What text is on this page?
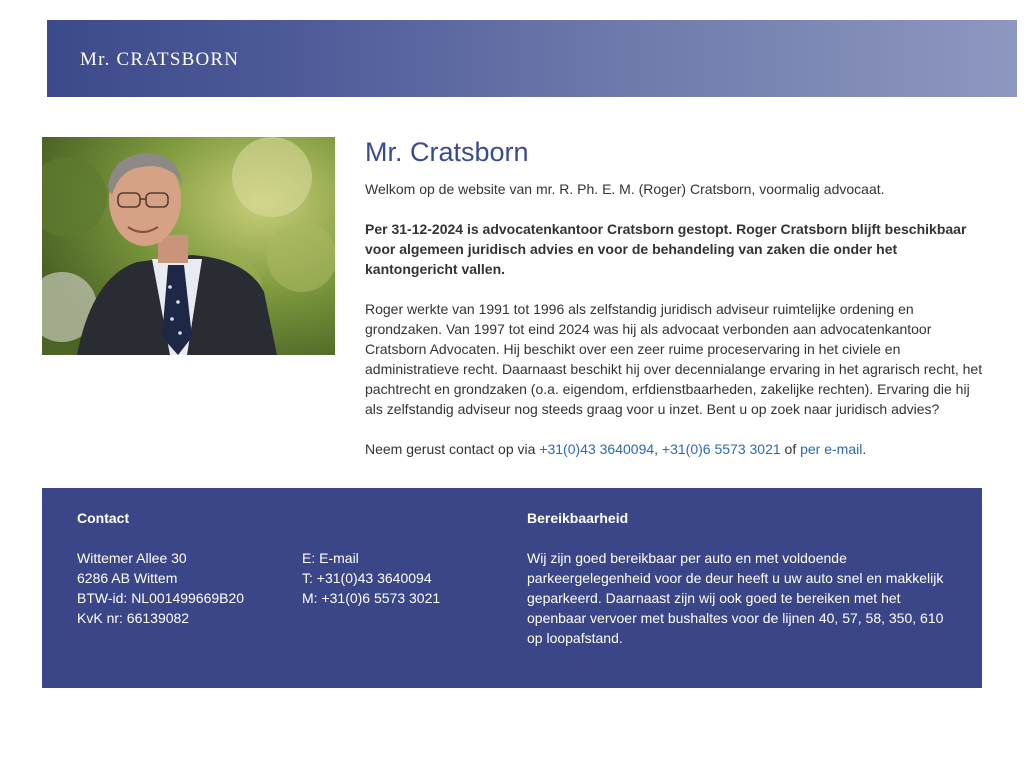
Mr. CRATSBORN
Mr. Cratsborn

Welkom op de website van mr. R. Ph. E. M. (Roger) Cratsborn, voormalig advocaat.

Per 31-12-2024 is advocatenkantoor Cratsborn gestopt. Roger Cratsborn blijft beschikbaar voor algemeen juridisch advies en voor de behandeling van zaken die onder het kantongericht vallen.

Roger werkte van 1991 tot 1996 als zelfstandig juridisch adviseur ruimtelijke ordening en grondzaken. Van 1997 tot eind 2024 was hij als advocaat verbonden aan advocatenkantoor Cratsborn Advocaten. Hij beschikt over een zeer ruime proceservaring in het civiele en administratieve recht. Daarnaast beschikt hij over decennialange ervaring in het agrarisch recht, het pachtrecht en grondzaken (o.a. eigendom, erfdienstbaarheden, zakelijke rechten). Ervaring die hij als zelfstandig adviseur nog steeds graag voor u inzet. Bent u op zoek naar juridisch advies?

Neem gerust contact op via +31(0)43 3640094, +31(0)6 5573 3021 of per e-mail.

Contact
Wittemer Allee 30
6286 AB Wittem
BTW-id: NL001499669B20
KvK nr: 66139082
E: E-mail
T: +31(0)43 3640094
M: +31(0)6 5573 3021
Bereikbaarheid
Wij zijn goed bereikbaar per auto en met voldoende parkeergelegenheid voor de deur heeft u uw auto snel en makkelijk geparkeerd. Daarnaast zijn wij ook goed te bereiken met het openbaar vervoer met bushaltes voor de lijnen 40, 57, 58, 350, 610 op loopafstand.
